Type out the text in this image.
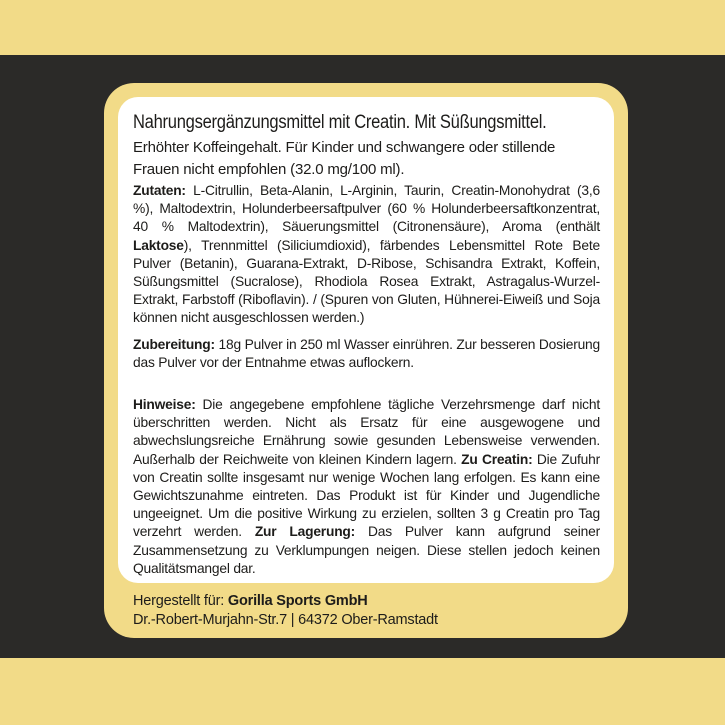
Nahrungsergänzungsmittel mit Creatin. Mit Süßungsmittel.

Erhöhter Koffeingehalt. Für Kinder und schwangere oder stillende Frauen nicht empfohlen (32.0 mg/100 ml).

Zutaten: L-Citrullin, Beta-Alanin, L-Arginin, Taurin, Creatin-Monohydrat (3,6 %), Maltodextrin, Holunderbeersaftpulver (60 % Holunderbeersaftkonzentrat, 40 % Maltodextrin), Säuerungsmittel (Citronensäure), Aroma (enthält Laktose), Trennmittel (Siliciumdioxid), färbendes Lebensmittel Rote Bete Pulver (Betanin), Guarana-Extrakt, D-Ribose, Schisandra Extrakt, Koffein, Süßungsmittel (Sucralose), Rhodiola Rosea Extrakt, Astragalus-Wurzel-Extrakt, Farbstoff (Riboflavin). / (Spuren von Gluten, Hühnerei-Eiweiß und Soja können nicht ausgeschlossen werden.)

Zubereitung: 18g Pulver in 250 ml Wasser einrühren. Zur besseren Dosierung das Pulver vor der Entnahme etwas auflockern.

Hinweise: Die angegebene empfohlene tägliche Verzehrsmenge darf nicht überschritten werden. Nicht als Ersatz für eine ausgewogene und abwechslungsreiche Ernährung sowie gesunden Lebensweise verwenden. Außerhalb der Reichweite von kleinen Kindern lagern. Zu Creatin: Die Zufuhr von Creatin sollte insgesamt nur wenige Wochen lang erfolgen. Es kann eine Gewichtszunahme eintreten. Das Produkt ist für Kinder und Jugendliche ungeeignet. Um die positive Wirkung zu erzielen, sollten 3 g Creatin pro Tag verzehrt werden. Zur Lagerung: Das Pulver kann aufgrund seiner Zusammensetzung zu Verklumpungen neigen. Diese stellen jedoch keinen Qualitätsmangel dar.

Hergestellt für: Gorilla Sports GmbH
Dr.-Robert-Murjahn-Str.7 | 64372 Ober-Ramstadt
